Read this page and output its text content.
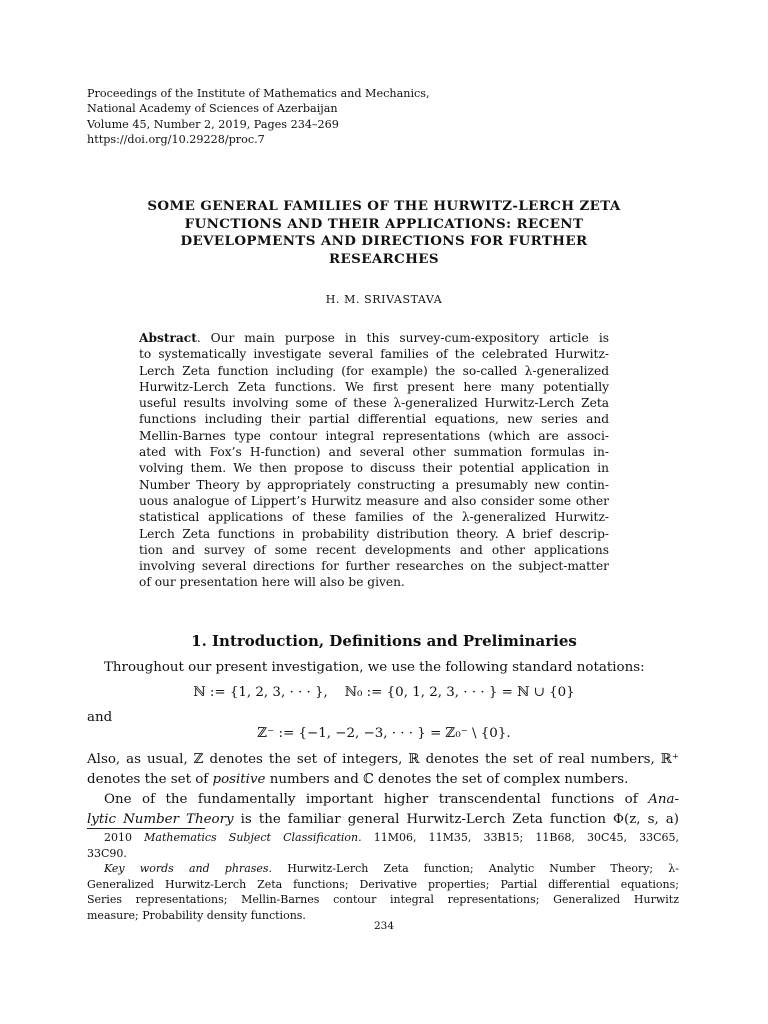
Proceedings of the Institute of Mathematics and Mechanics,
National Academy of Sciences of Azerbaijan
Volume 45, Number 2, 2019, Pages 234–269
https://doi.org/10.29228/proc.7
SOME GENERAL FAMILIES OF THE HURWITZ-LERCH ZETA
FUNCTIONS AND THEIR APPLICATIONS: RECENT
DEVELOPMENTS AND DIRECTIONS FOR FURTHER
RESEARCHES
H. M. SRIVASTAVA
Abstract. Our main purpose in this survey-cum-expository article is
to systematically investigate several families of the celebrated Hurwitz-
Lerch Zeta function including (for example) the so-called λ-generalized
Hurwitz-Lerch Zeta functions. We first present here many potentially
useful results involving some of these λ-generalized Hurwitz-Lerch Zeta
functions including their partial differential equations, new series and
Mellin-Barnes type contour integral representations (which are associ-
ated with Fox’s H-function) and several other summation formulas in-
volving them. We then propose to discuss their potential application in
Number Theory by appropriately constructing a presumably new contin-
uous analogue of Lippert’s Hurwitz measure and also consider some other
statistical applications of these families of the λ-generalized Hurwitz-
Lerch Zeta functions in probability distribution theory. A brief descrip-
tion and survey of some recent developments and other applications
involving several directions for further researches on the subject-matter
of our presentation here will also be given.
1. Introduction, Definitions and Preliminaries
Throughout our present investigation, we use the following standard notations:
ℕ := {1, 2, 3, · · · },    ℕ₀ := {0, 1, 2, 3, · · · } = ℕ ∪ {0}
and
ℤ⁻ := {−1, −2, −3, · · · } = ℤ₀⁻ \ {0}.
Also, as usual, ℤ denotes the set of integers, ℝ denotes the set of real numbers, ℝ⁺
denotes the set of positive numbers and ℂ denotes the set of complex numbers.
One of the fundamentally important higher transcendental functions of Ana-
lytic Number Theory is the familiar general Hurwitz-Lerch Zeta function Φ(z, s, a)
2010 Mathematics Subject Classification. 11M06, 11M35, 33B15; 11B68, 30C45, 33C65,
33C90.
Key words and phrases. Hurwitz-Lerch Zeta function; Analytic Number Theory; λ-
Generalized Hurwitz-Lerch Zeta functions; Derivative properties; Partial differential equations;
Series representations; Mellin-Barnes contour integral representations; Generalized Hurwitz
measure; Probability density functions.
234
